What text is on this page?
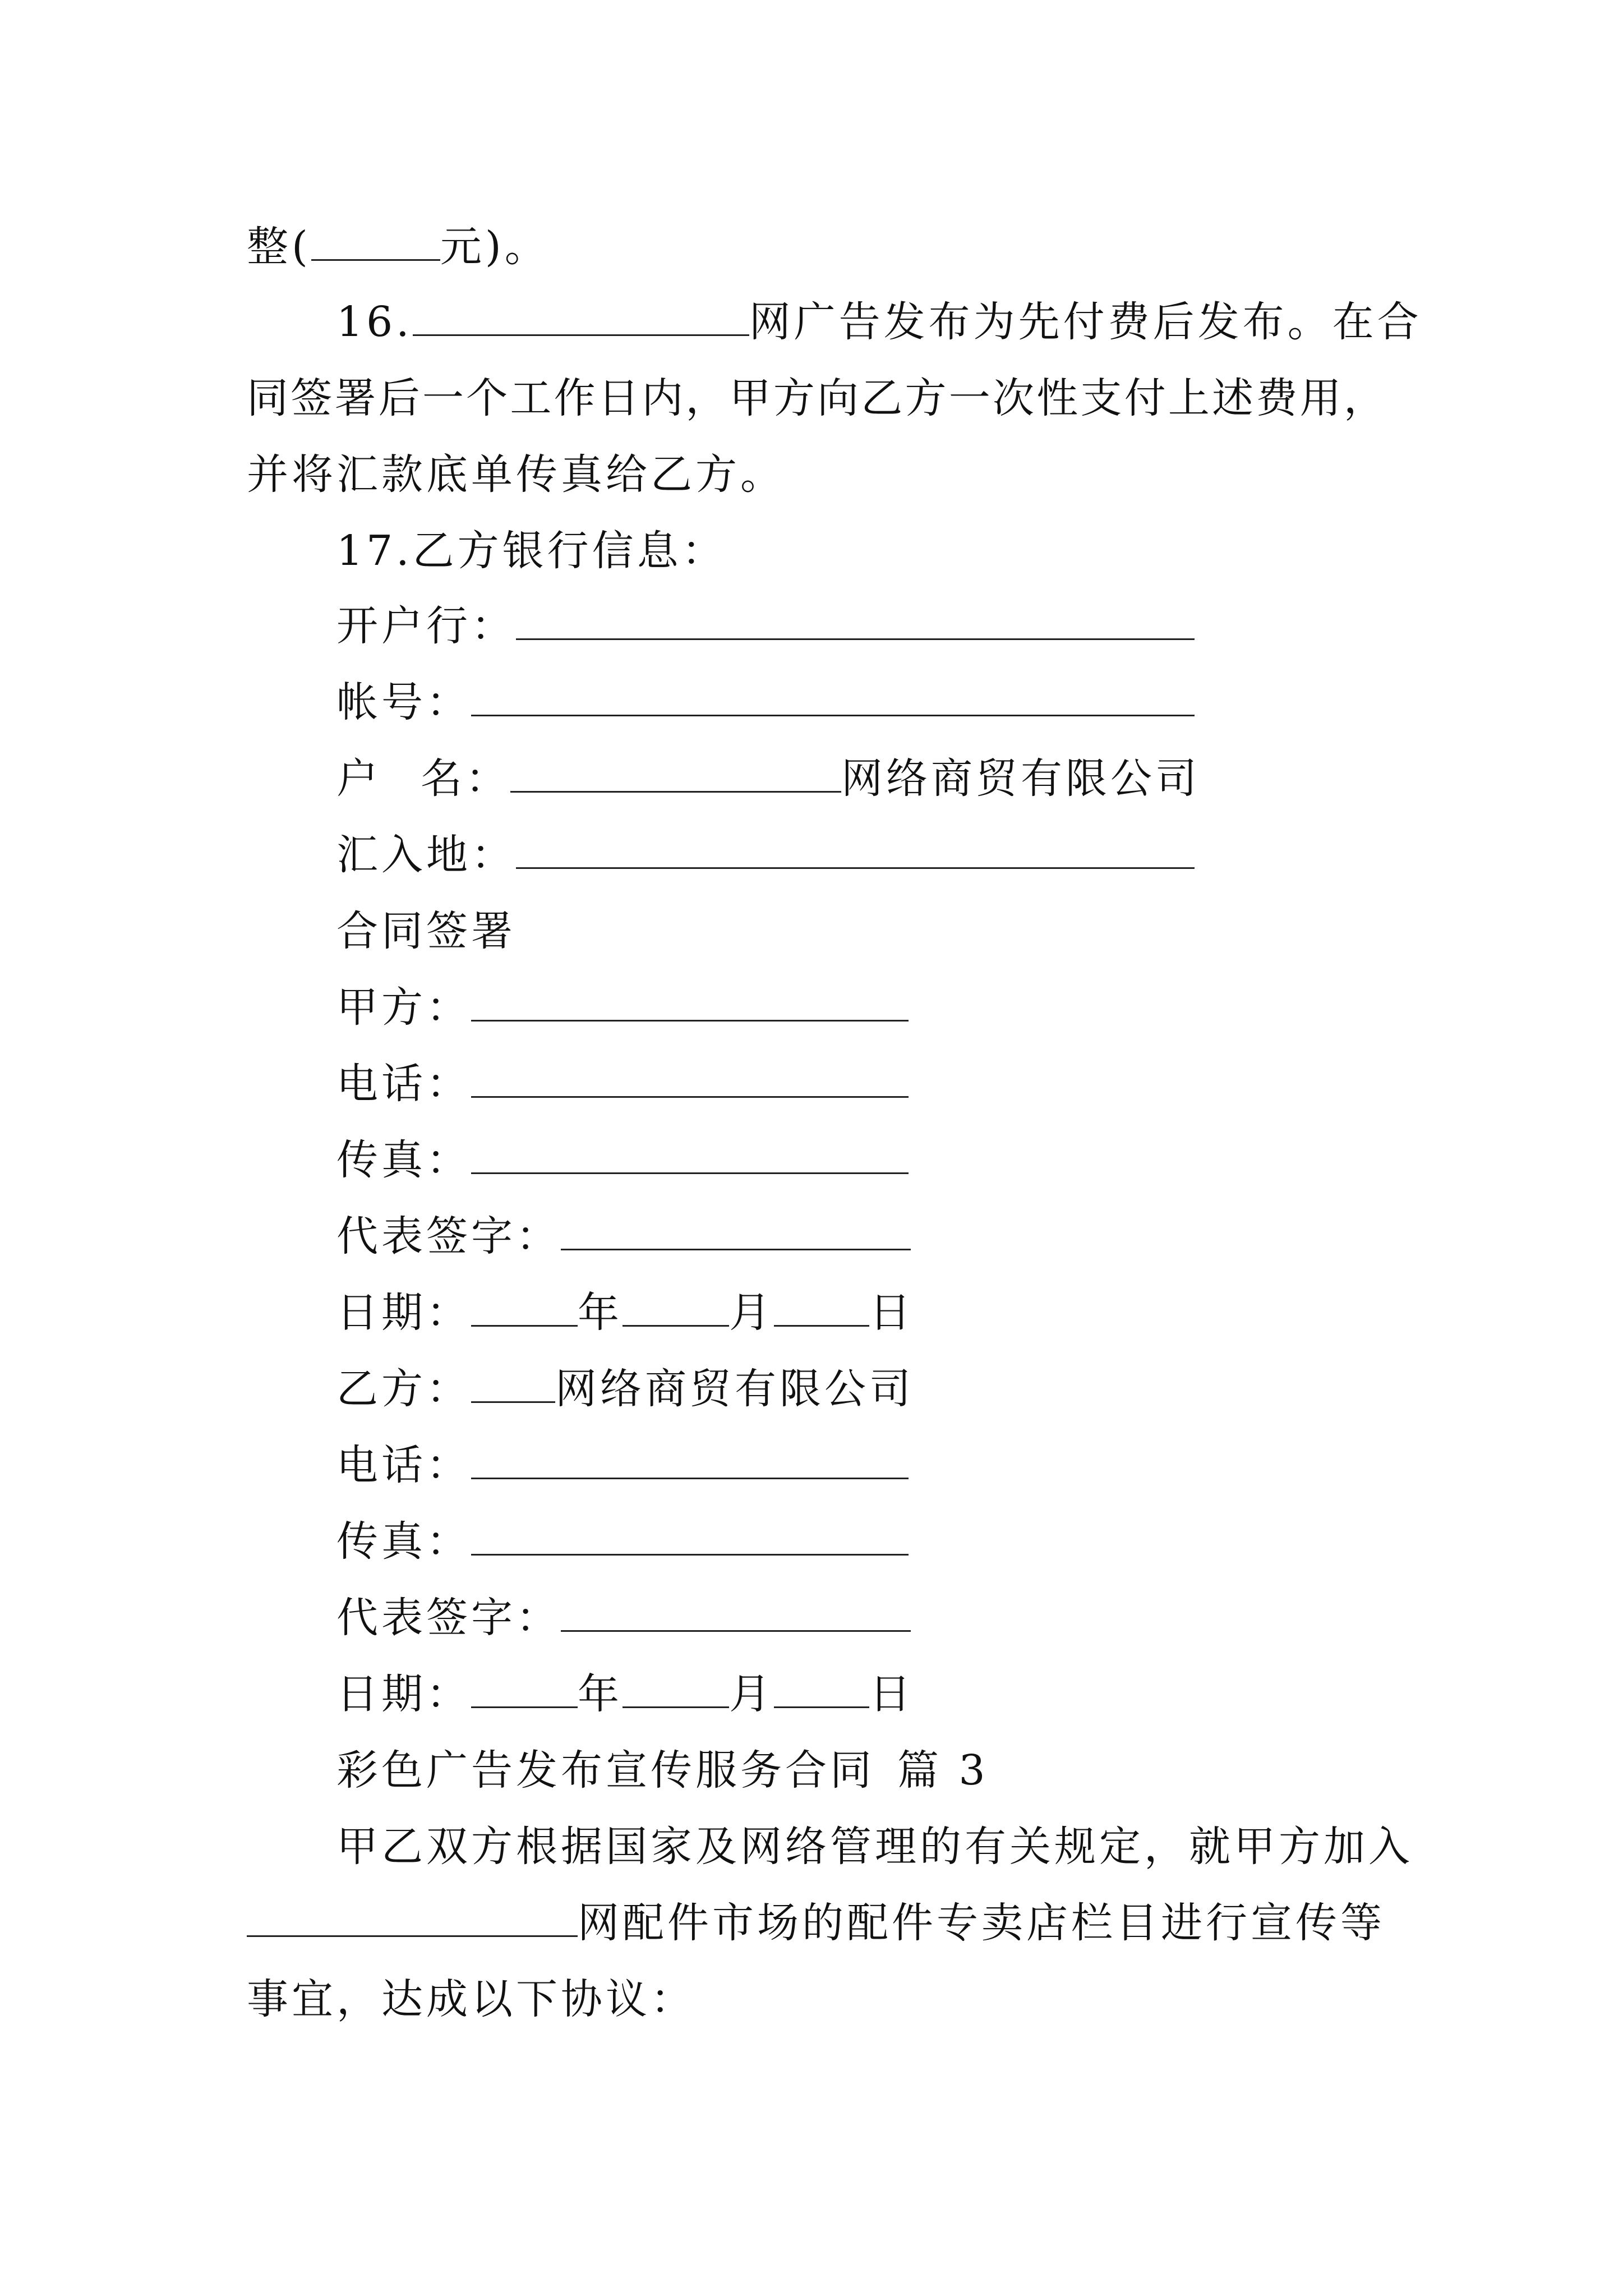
整(	元)。
16.	网广告发布为先付费后发布。在合
同 签 署 后 一 个 工 作 日 内 ， 甲 方 向 乙 方 一 次 性 支 付 上 述 费 用 ，
并将汇款底单传真给乙方。
17.乙方银行信息：
开户行：
帐号：
户 名：	网络商贸有限公司
汇入地：
合同签署
甲方：
电话：
传真：
代表签字：
日期：	年	月 日
乙方： 网络商贸有限公司
电话：
传真：
代表签字：
日期：	年	月 日
彩色广告发布宣传服务合同 篇 3
甲乙双方根据国家及网络管理的有关规定，就甲方加入
网配件市场的配件专卖店栏目进行宣传等
事宜，达成以下协议：
